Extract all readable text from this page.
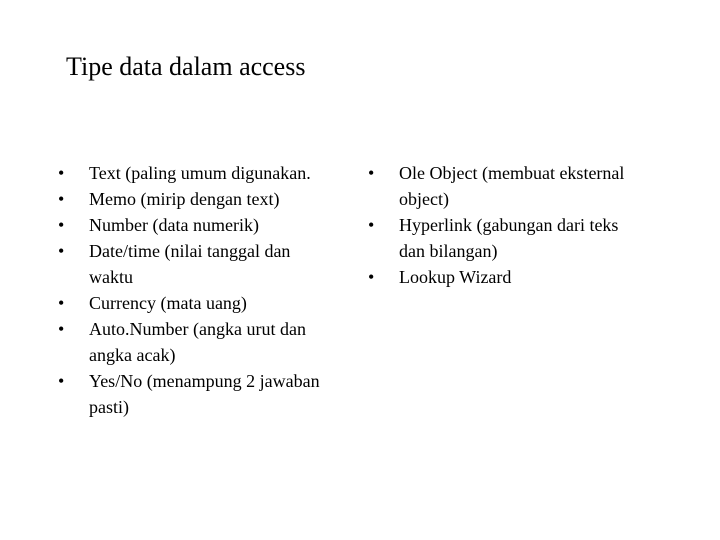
Tipe data dalam access
• Text (paling umum digunakan.
• Memo (mirip dengan text)
• Number (data numerik)
• Date/time (nilai tanggal dan
waktu
• Currency (mata uang)
• Auto.Number (angka urut dan
angka acak)
• Yes/No (menampung 2 jawaban
pasti)
• Ole Object (membuat eksternal
object)
• Hyperlink (gabungan dari teks
dan bilangan)
• Lookup Wizard
